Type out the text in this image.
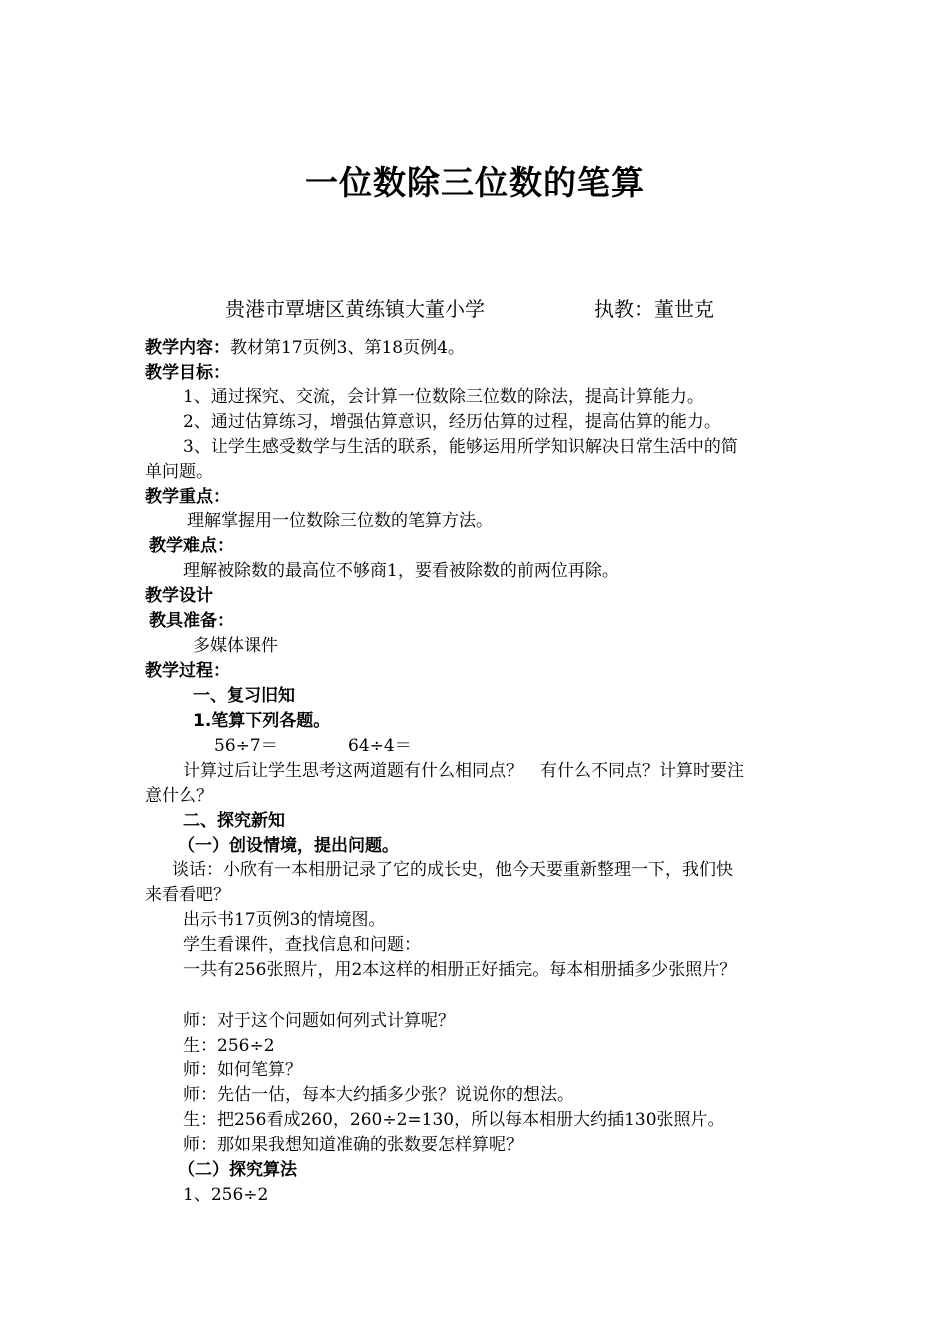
一位数除三位数的笔算
贵港市覃塘区黄练镇大董小学	执教：董世克
教学内容：教材第17页例3、第18页例4。
教学目标：
1、通过探究、交流，会计算一位数除三位数的除法，提高计算能力。
2、通过估算练习，增强估算意识，经历估算的过程，提高估算的能力。
3、让学生感受数学与生活的联系，能够运用所学知识解决日常生活中的简
单问题。
教学重点：
理解掌握用一位数除三位数的笔算方法。
教学难点：
理解被除数的最高位不够商1，要看被除数的前两位再除。
教学设计
教具准备：
多媒体课件
教学过程：
一、复习旧知
1.笔算下列各题。
56÷7＝	64÷4＝
计算过后让学生思考这两道题有什么相同点？　有什么不同点？计算时要注
意什么？
二、探究新知
（一）创设情境，提出问题。
谈话：小欣有一本相册记录了它的成长史，他今天要重新整理一下，我们快
来看看吧？
出示书17页例3的情境图。
学生看课件，查找信息和问题：
一共有256张照片，用2本这样的相册正好插完。每本相册插多少张照片？
师：对于这个问题如何列式计算呢？
生：256÷2
师：如何笔算？
师：先估一估，每本大约插多少张？说说你的想法。
生：把256看成260，260÷2=130，所以每本相册大约插130张照片。
师：那如果我想知道准确的张数要怎样算呢？
（二）探究算法
1、256÷2
